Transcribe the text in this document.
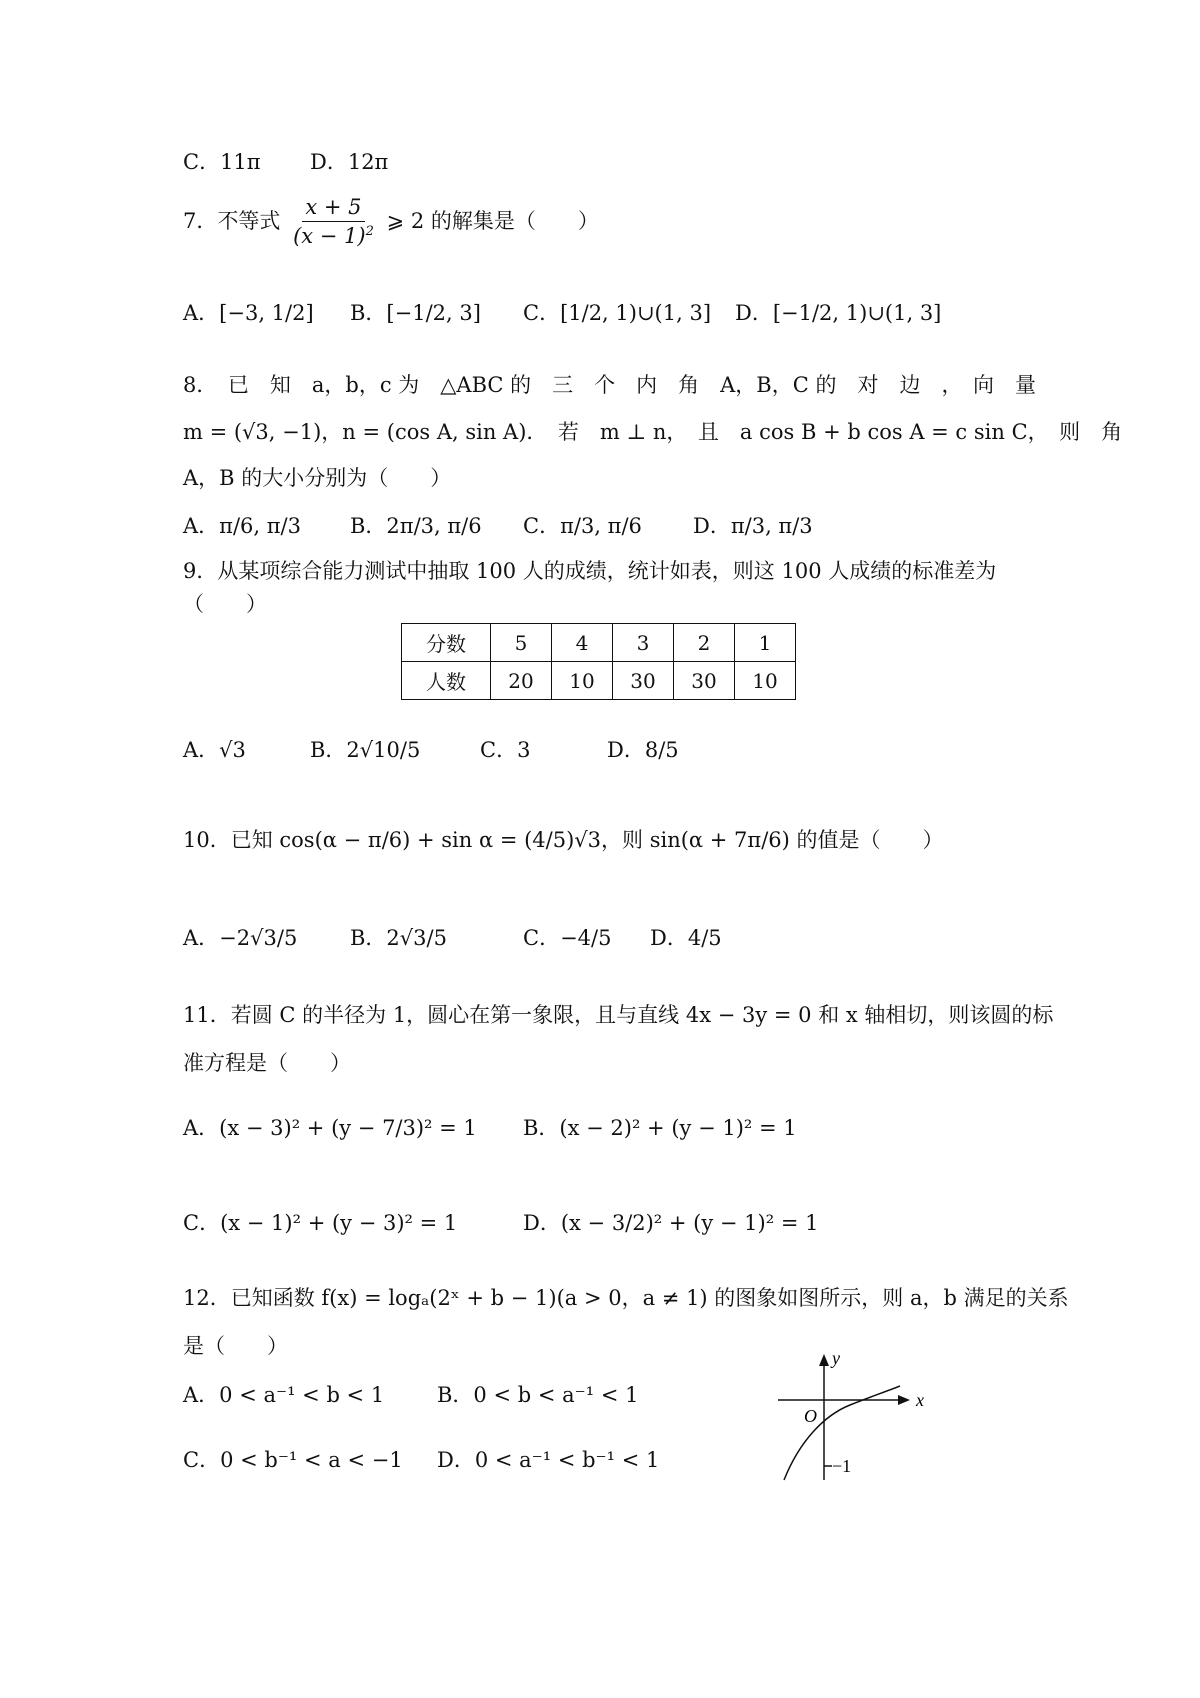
C．11π D．12π
7．不等式 $\frac{x + 5}{(x - 1)^2}$ ⩾ 2 的解集是（　　）
A．[−3, 1/2] B．[−1/2, 3] C．[1/2, 1)∪(1, 3] D．[−1/2, 1)∪(1, 3]
8．　已　知　a，b，c 为　△ABC 的　三　个　内　角　A，B，C 的　对　边　，　向　量
m = (√3, −1)，n = (cos A, sin A)．　若　m ⊥ n，　且　a cos B + b cos A = c sin C，　则　角
A，B 的大小分别为（　　）
A．π/6, π/3 B．2π/3, π/6 C．π/3, π/6 D．π/3, π/3
9．从某项综合能力测试中抽取 100 人的成绩，统计如表，则这 100 人成绩的标准差为
（　　）
分数	5	4	3	2	1
人数	20	10	30	30	10
A．√3	B．2√10/5	C．3	D．8/5
10．已知 cos(α − π/6) + sin α = (4/5)√3，则 sin(α + 7π/6) 的值是（　　）
A．−2√3/5	B．2√3/5	C．−4/5 D．4/5
11．若圆 C 的半径为 1，圆心在第一象限，且与直线 4x − 3y = 0 和 x 轴相切，则该圆的标
准方程是（　　）
A．(x − 3)² + (y − 7/3)² = 1 B．(x − 2)² + (y − 1)² = 1
C．(x − 1)² + (y − 3)² = 1	D．(x − 3/2)² + (y − 1)² = 1
12．已知函数 f(x) = logₐ(2ˣ + b − 1)(a > 0，a ≠ 1) 的图象如图所示，则 a，b 满足的关系
是（　　）
A．0 < a⁻¹ < b < 1	B．0 < b < a⁻¹ < 1
C．0 < b⁻¹ < a < −1 D．0 < a⁻¹ < b⁻¹ < 1
y
x
O
−1
